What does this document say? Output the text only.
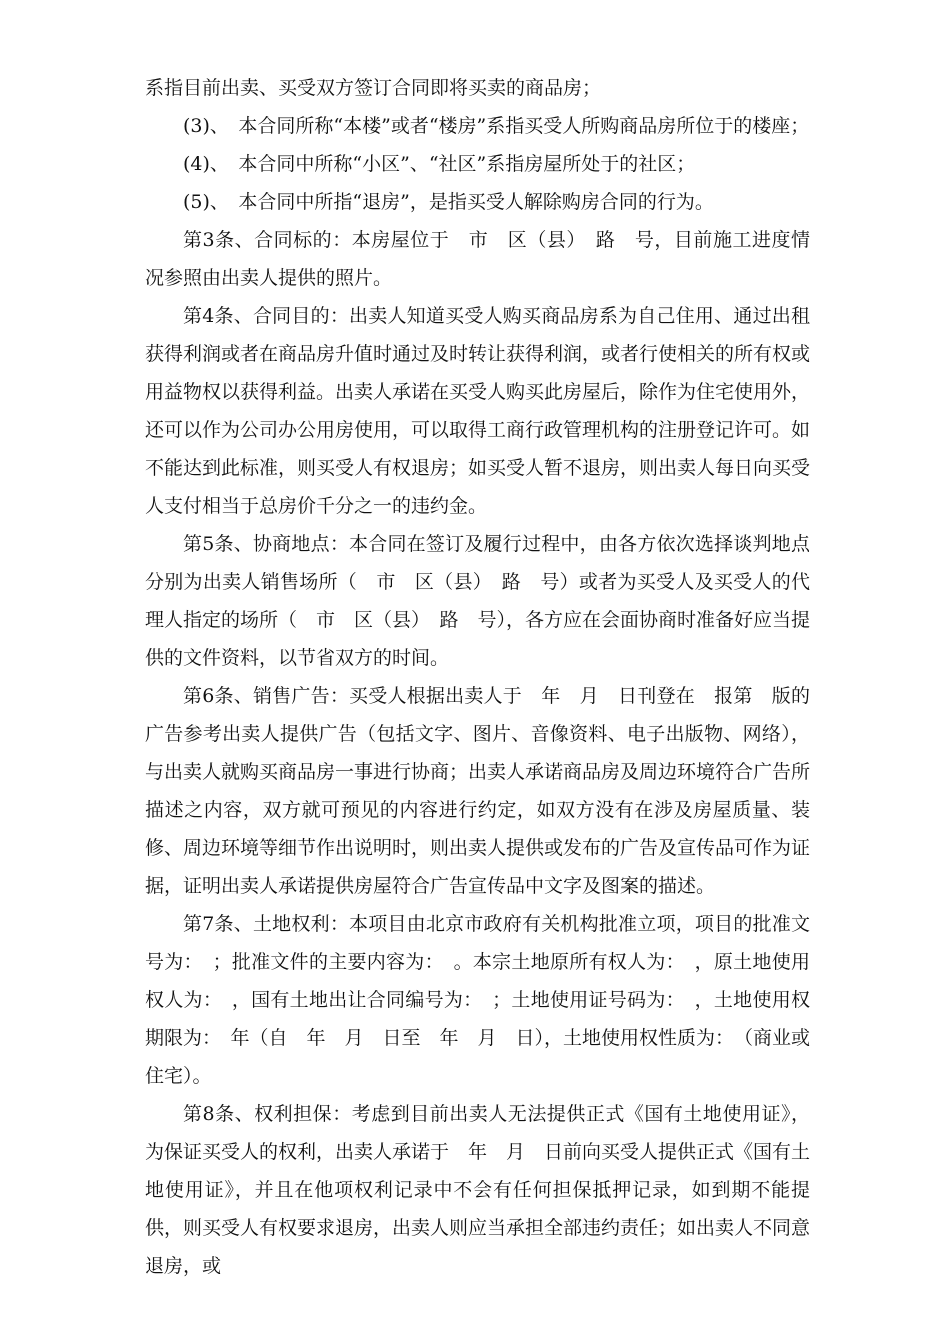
系指目前出卖、买受双方签订合同即将买卖的商品房；

(3)、　本合同所称“本楼”或者“楼房”系指买受人所购商品房所位于的楼座；

(4)、　本合同中所称“小区”、“社区”系指房屋所处于的社区；

(5)、　本合同中所指“退房”，是指买受人解除购房合同的行为。

第3条、合同标的：本房屋位于　市　区（县）　路　号，目前施工进度情况参照由出卖人提供的照片。

第4条、合同目的：出卖人知道买受人购买商品房系为自己住用、通过出租获得利润或者在商品房升值时通过及时转让获得利润，或者行使相关的所有权或用益物权以获得利益。出卖人承诺在买受人购买此房屋后，除作为住宅使用外，还可以作为公司办公用房使用，可以取得工商行政管理机构的注册登记许可。如不能达到此标准，则买受人有权退房；如买受人暂不退房，则出卖人每日向买受人支付相当于总房价千分之一的违约金。

第5条、协商地点：本合同在签订及履行过程中，由各方依次选择谈判地点分别为出卖人销售场所（　市　区（县）　路　号）或者为买受人及买受人的代理人指定的场所（　市　区（县）　路　号），各方应在会面协商时准备好应当提供的文件资料，以节省双方的时间。

第6条、销售广告：买受人根据出卖人于　年　月　日刊登在　报第　版的广告参考出卖人提供广告（包括文字、图片、音像资料、电子出版物、网络），与出卖人就购买商品房一事进行协商；出卖人承诺商品房及周边环境符合广告所描述之内容，双方就可预见的内容进行约定，如双方没有在涉及房屋质量、装修、周边环境等细节作出说明时，则出卖人提供或发布的广告及宣传品可作为证据，证明出卖人承诺提供房屋符合广告宣传品中文字及图案的描述。

第7条、土地权利：本项目由北京市政府有关机构批准立项，项目的批准文号为：　；批准文件的主要内容为：　。本宗土地原所有权人为：　，原土地使用权人为：　，国有土地出让合同编号为：　；土地使用证号码为：　，土地使用权期限为：　年（自　年　月　日至　年　月　日），土地使用权性质为：　（商业或住宅）。

第8条、权利担保：考虑到目前出卖人无法提供正式《国有土地使用证》，为保证买受人的权利，出卖人承诺于　年　月　日前向买受人提供正式《国有土地使用证》，并且在他项权利记录中不会有任何担保抵押记录，如到期不能提供，则买受人有权要求退房，出卖人则应当承担全部违约责任；如出卖人不同意退房，或
